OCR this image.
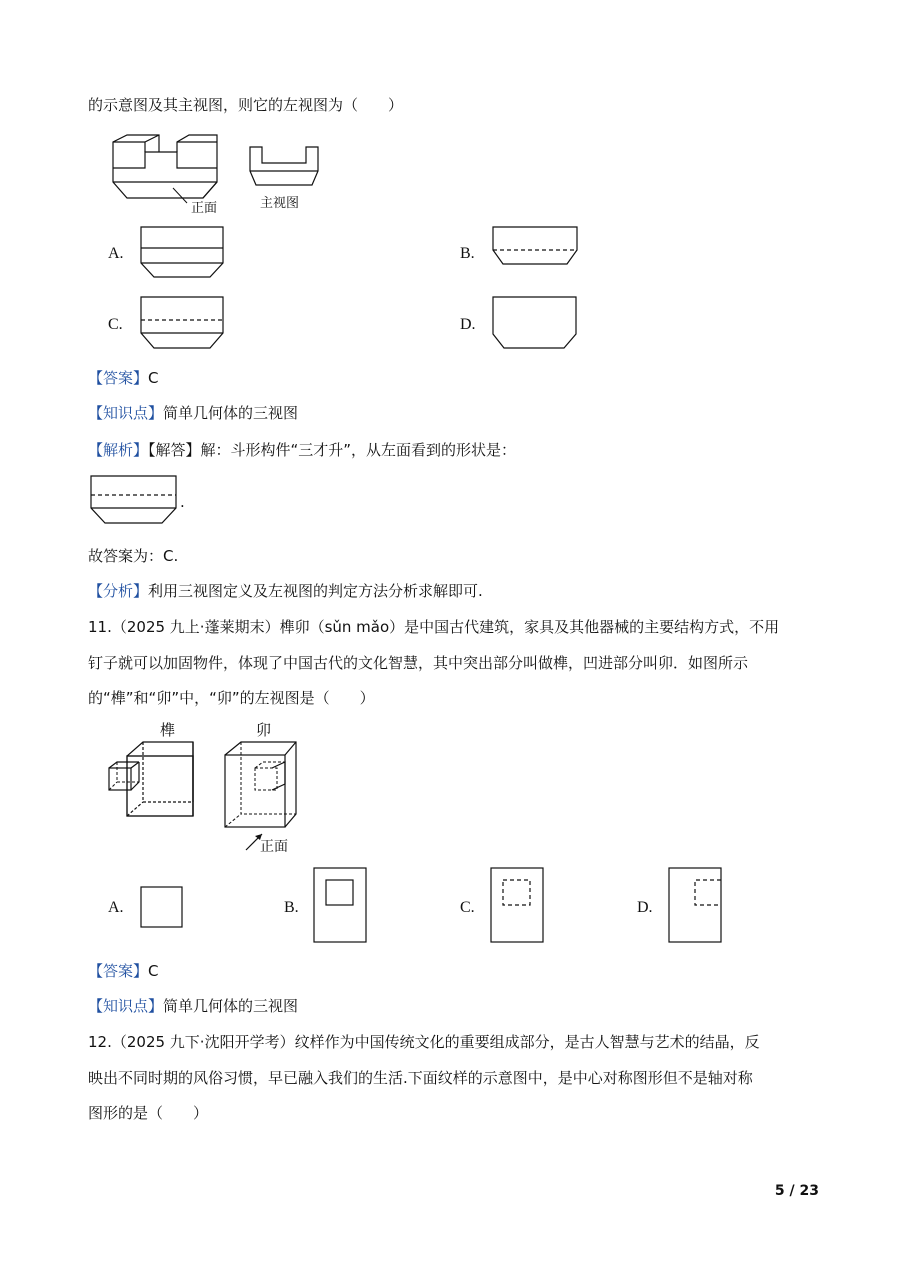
的示意图及其主视图，则它的左视图为（　　）
正面	主视图
A.	B.
C.	D.
【答案】C
【知识点】简单几何体的三视图
【解析】【解答】解：斗形构件“三才升”，从左面看到的形状是：
.
故答案为：C.
【分析】利用三视图定义及左视图的判定方法分析求解即可.
11.（2025 九上·蓬莱期末）榫卯（sǔn mǎo）是中国古代建筑，家具及其他器械的主要结构方式，不用
钉子就可以加固物件，体现了中国古代的文化智慧，其中突出部分叫做榫，凹进部分叫卯．如图所示
的“榫”和“卯”中，“卯”的左视图是（　　）
榫	卯
正面
A.	B.	C.	D.
【答案】C
【知识点】简单几何体的三视图
12.（2025 九下·沈阳开学考）纹样作为中国传统文化的重要组成部分，是古人智慧与艺术的结晶，反
映出不同时期的风俗习惯，早已融入我们的生活.下面纹样的示意图中，是中心对称图形但不是轴对称
图形的是（　　）
5 / 23
